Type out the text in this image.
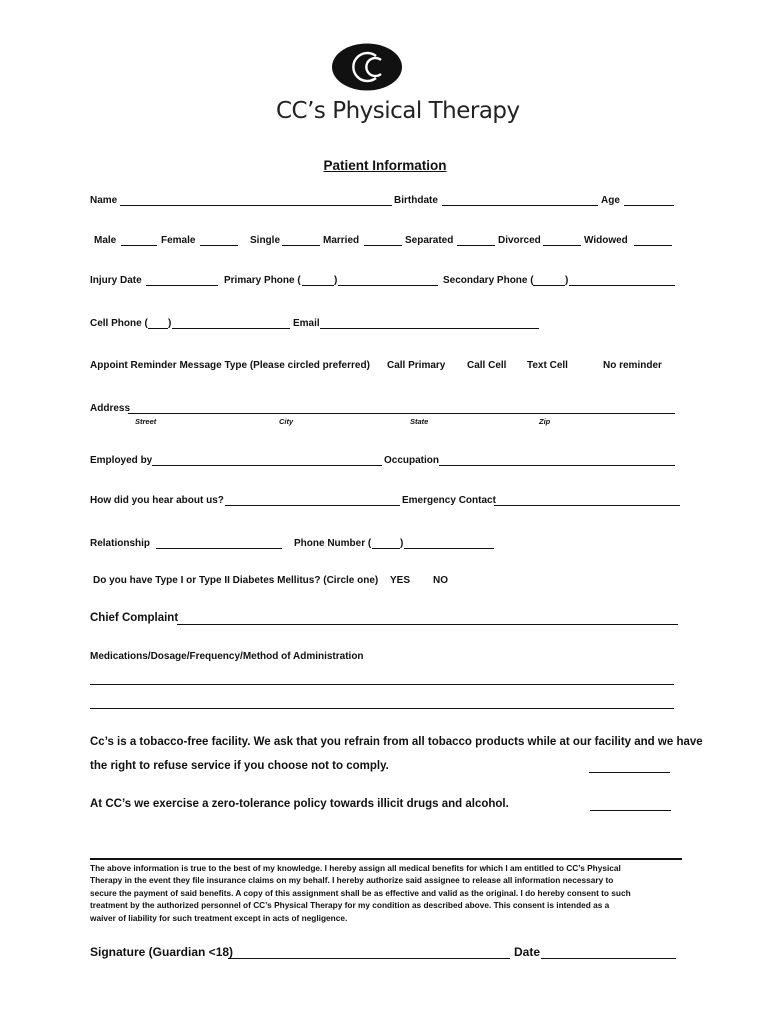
CC’s Physical Therapy
Patient Information
Name	Birthdate	Age
Male	Female	Single	Married	Separated	Divorced	Widowed
Injury Date	Primary Phone (	)	Secondary Phone (	)
Cell Phone ( )	Email
Appoint Reminder Message Type (Please circled preferred) Call Primary Call Cell Text Cell	No reminder
Address
Street	City	State	Zip
Employed by	Occupation
How did you hear about us?	Emergency Contact
Relationship	Phone Number (	)
Do you have Type I or Type II Diabetes Mellitus? (Circle one) YES NO
Chief Complaint
Medications/Dosage/Frequency/Method of Administration
Cc’s is a tobacco-free facility. We ask that you refrain from all tobacco products while at our facility and we have
the right to refuse service if you choose not to comply.
At CC’s we exercise a zero-tolerance policy towards illicit drugs and alcohol.
The above information is true to the best of my knowledge. I hereby assign all medical benefits for which I am entitled to CC’s Physical
Therapy in the event they file insurance claims on my behalf. I hereby authorize said assignee to release all information necessary to
secure the payment of said benefits. A copy of this assignment shall be as effective and valid as the original. I do hereby consent to such
treatment by the authorized personnel of CC’s Physical Therapy for my condition as described above. This consent is intended as a
waiver of liability for such treatment except in acts of negligence.
Signature (Guardian <18)	Date
